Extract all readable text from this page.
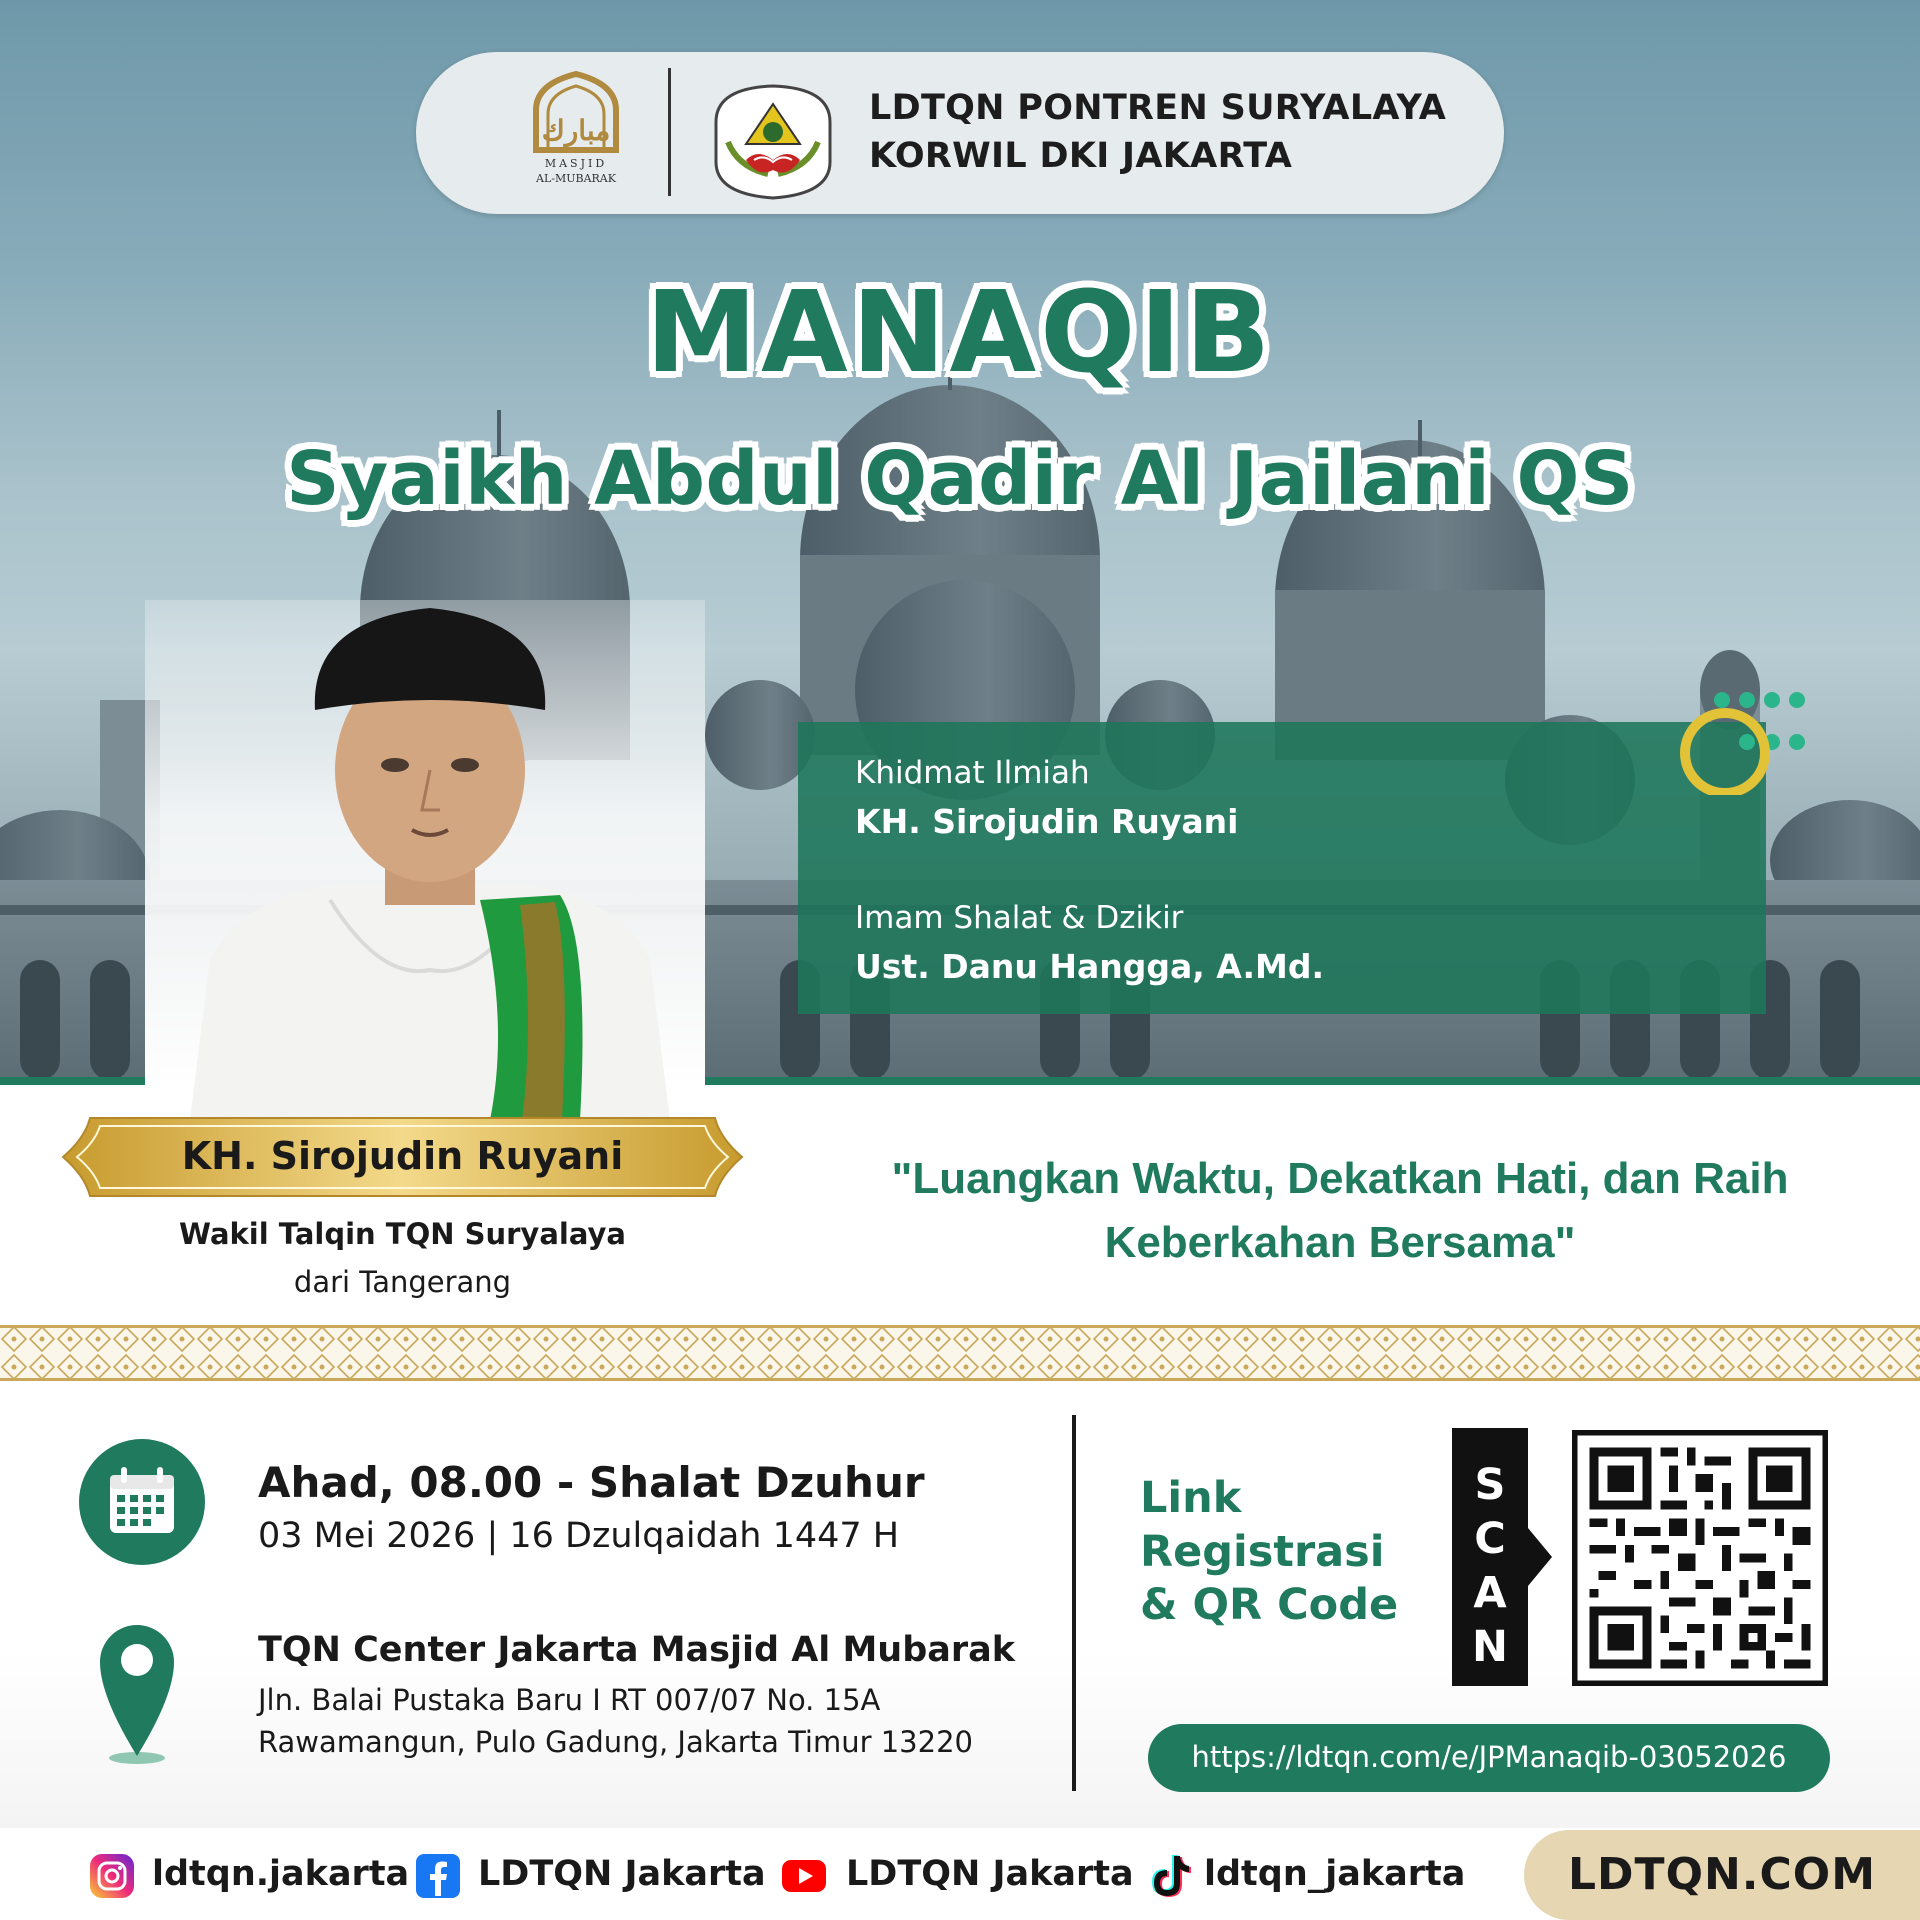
مبارك
MASJID
AL-MUBARAK
LDTQN PONTREN SURYALAYA
KORWIL DKI JAKARTA
MANAQIB
Syaikh Abdul Qadir Al Jailani QS
Khidmat Ilmiah
KH. Sirojudin Ruyani
Imam Shalat & Dzikir
Ust. Danu Hangga, A.Md.
KH. Sirojudin Ruyani
Wakil Talqin TQN Suryalaya
dari Tangerang
"Luangkan Waktu, Dekatkan Hati, dan Raih
Keberkahan Bersama"
Ahad, 08.00 - Shalat Dzuhur
03 Mei 2026 | 16 Dzulqaidah 1447 H
TQN Center Jakarta Masjid Al Mubarak
Jln. Balai Pustaka Baru I RT 007/07 No. 15A
Rawamangun, Pulo Gadung, Jakarta Timur 13220
Link
Registrasi
& QR Code
S
C
A
N
https://ldtqn.com/e/JPManaqib-03052026
ldtqn.jakarta LDTQN Jakarta LDTQN Jakarta ldtqn_jakarta	LDTQN.COM
